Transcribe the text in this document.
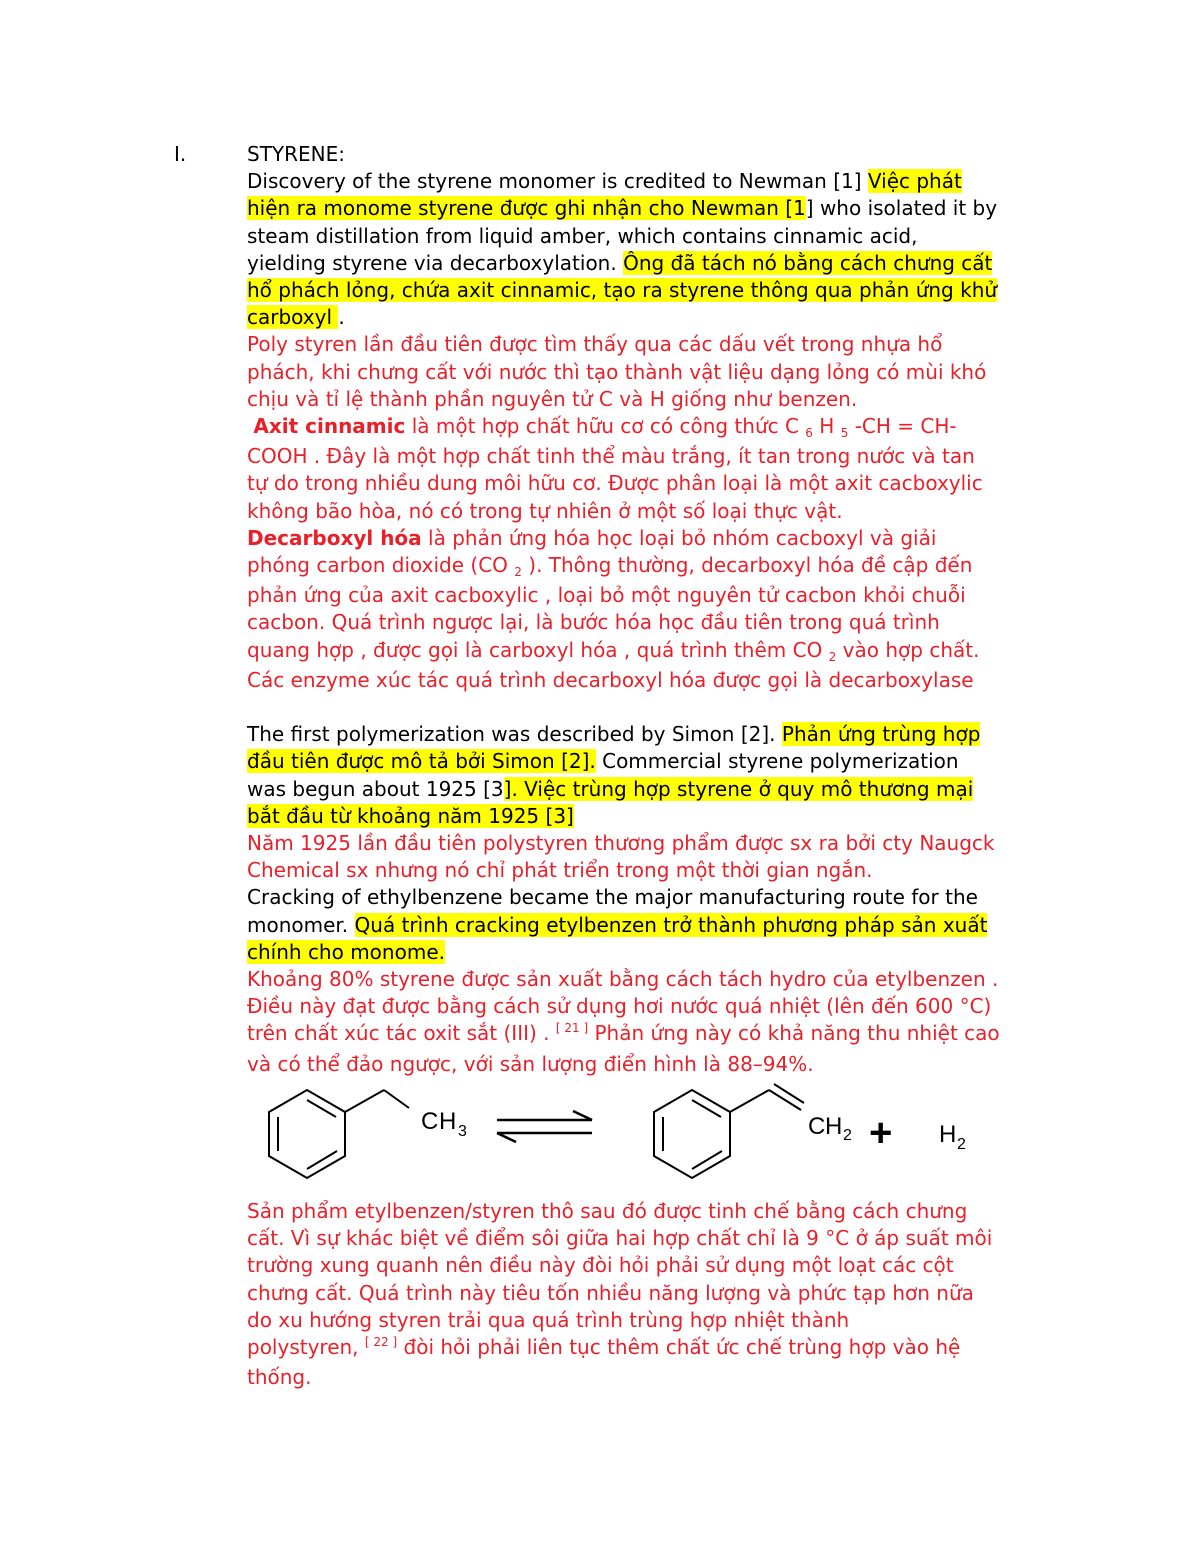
I.	STYRENE:
Discovery of the styrene monomer is credited to Newman [1] Việc phát
hiện ra monome styrene được ghi nhận cho Newman [1] who isolated it by
steam distillation from liquid amber, which contains cinnamic acid,
yielding styrene via decarboxylation. Ông đã tách nó bằng cách chưng cất
hổ phách lỏng, chứa axit cinnamic, tạo ra styrene thông qua phản ứng khử
carboxyl .
Poly styren lần đầu tiên được tìm thấy qua các dấu vết trong nhựa hổ
phách, khi chưng cất với nước thì tạo thành vật liệu dạng lỏng có mùi khó
chịu và tỉ lệ thành phần nguyên tử C và H giống như benzen.
Axit cinnamic là một hợp chất hữu cơ có công thức C $_6$ H $_5$ -CH = CH-
COOH . Đây là một hợp chất tinh thể màu trắng, ít tan trong nước và tan
tự do trong nhiều dung môi hữu cơ. Được phân loại là một axit cacboxylic
không bão hòa, nó có trong tự nhiên ở một số loại thực vật.
Decarboxyl hóa là phản ứng hóa học loại bỏ nhóm cacboxyl và giải
phóng carbon dioxide (CO $_2$ ). Thông thường, decarboxyl hóa đề cập đến
phản ứng của axit cacboxylic , loại bỏ một nguyên tử cacbon khỏi chuỗi
cacbon. Quá trình ngược lại, là bước hóa học đầu tiên trong quá trình
quang hợp , được gọi là carboxyl hóa , quá trình thêm CO $_2$ vào hợp chất.
Các enzyme xúc tác quá trình decarboxyl hóa được gọi là decarboxylase
The first polymerization was described by Simon [2]. Phản ứng trùng hợp
đầu tiên được mô tả bởi Simon [2]. Commercial styrene polymerization
was begun about 1925 [3]. Việc trùng hợp styrene ở quy mô thương mại
bắt đầu từ khoảng năm 1925 [3]
Năm 1925 lần đầu tiên polystyren thương phẩm được sx ra bởi cty Naugck
Chemical sx nhưng nó chỉ phát triển trong một thời gian ngắn.
Cracking of ethylbenzene became the major manufacturing route for the
monomer. Quá trình cracking etylbenzen trở thành phương pháp sản xuất
chính cho monome.
Khoảng 80% styrene được sản xuất bằng cách tách hydro của etylbenzen .
Điều này đạt được bằng cách sử dụng hơi nước quá nhiệt (lên đến 600 °C)
trên chất xúc tác oxit sắt (III) . [ 21 ] Phản ứng này có khả năng thu nhiệt cao
và có thể đảo ngược, với sản lượng điển hình là 88–94%.
C H 3	C H 2 + H 2
Sản phẩm etylbenzen/styren thô sau đó được tinh chế bằng cách chưng
cất. Vì sự khác biệt về điểm sôi giữa hai hợp chất chỉ là 9 °C ở áp suất môi
trường xung quanh nên điều này đòi hỏi phải sử dụng một loạt các cột
chưng cất. Quá trình này tiêu tốn nhiều năng lượng và phức tạp hơn nữa
do xu hướng styren trải qua quá trình trùng hợp nhiệt thành
polystyren, [ 22 ] đòi hỏi phải liên tục thêm chất ức chế trùng hợp vào hệ
thống.
